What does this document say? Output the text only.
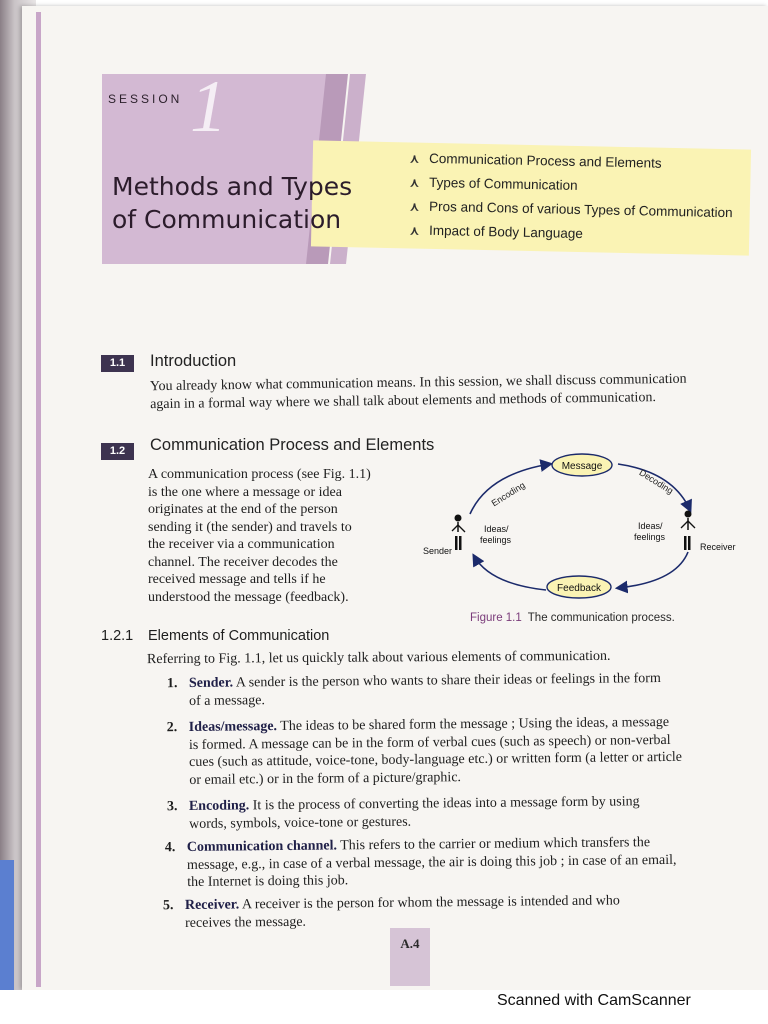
SESSION 1
Methods and Types
of Communication
⋏ Communication Process and Elements
⋏ Types of Communication
⋏ Pros and Cons of various Types of Communication
⋏ Impact of Body Language
1.1	Introduction
You already know what communication means. In this session, we shall discuss communication
again in a formal way where we shall talk about elements and methods of communication.
1.2	Communication Process and Elements
A communication process (see Fig. 1.1)
is the one where a message or idea
originates at the end of the person
sending it (the sender) and travels to
the receiver via a communication
channel. The receiver decodes the
received message and tells if he
understood the message (feedback).
Message
Feedback
Encoding	Decoding
Ideas/
feelings
Ideas/
feelings
Sender	Receiver
Figure 1.1 The communication process.
1.2.1 Elements of Communication
Referring to Fig. 1.1, let us quickly talk about various elements of communication.
1. Sender. A sender is the person who wants to share their ideas or feelings in the form
of a message.
2. Ideas/message. The ideas to be shared form the message ; Using the ideas, a message
is formed. A message can be in the form of verbal cues (such as speech) or non-verbal
cues (such as attitude, voice-tone, body-language etc.) or written form (a letter or article
or email etc.) or in the form of a picture/graphic.
3. Encoding. It is the process of converting the ideas into a message form by using
words, symbols, voice-tone or gestures.
4. Communication channel. This refers to the carrier or medium which transfers the
message, e.g., in case of a verbal message, the air is doing this job ; in case of an email,
the Internet is doing this job.
5. Receiver. A receiver is the person for whom the message is intended and who
receives the message.
A.4
Scanned with CamScanner
